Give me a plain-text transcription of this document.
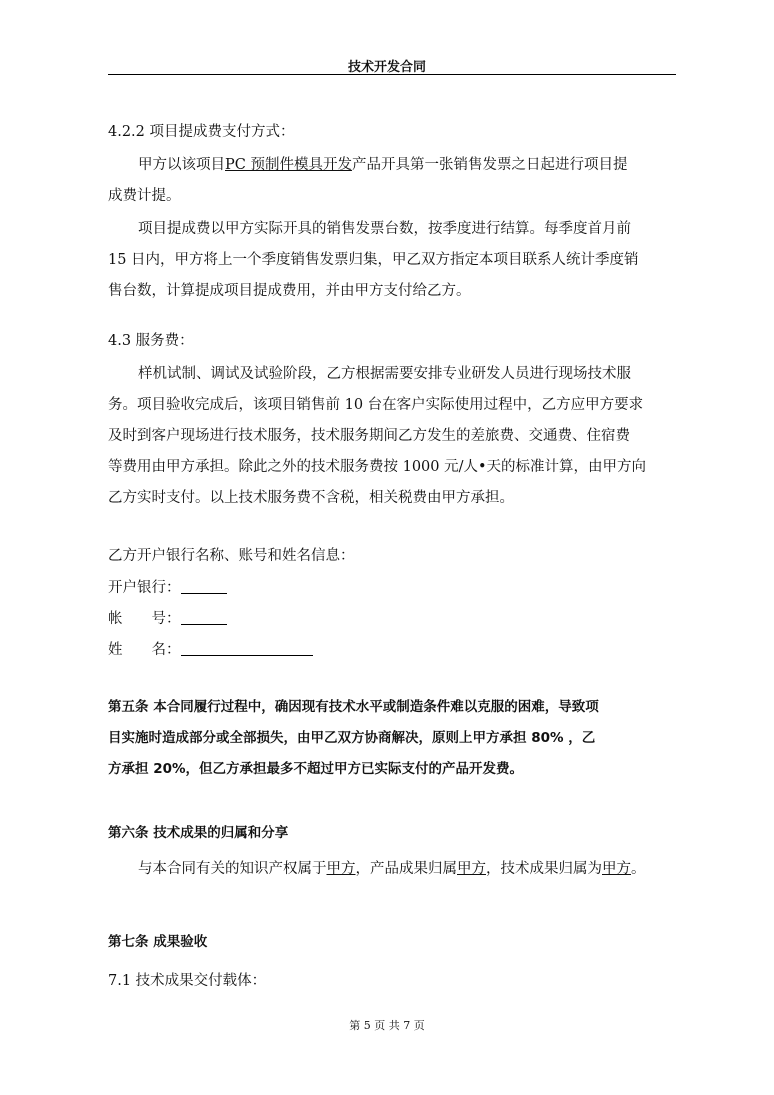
技术开发合同
4.2.2 项目提成费支付方式：
甲方以该项目PC 预制件模具开发产品开具第一张销售发票之日起进行项目提
成费计提。
项目提成费以甲方实际开具的销售发票台数，按季度进行结算。每季度首月前
15 日内，甲方将上一个季度销售发票归集，甲乙双方指定本项目联系人统计季度销
售台数，计算提成项目提成费用，并由甲方支付给乙方。
4.3 服务费：
样机试制、调试及试验阶段，乙方根据需要安排专业研发人员进行现场技术服
务。项目验收完成后，该项目销售前 10 台在客户实际使用过程中，乙方应甲方要求
及时到客户现场进行技术服务，技术服务期间乙方发生的差旅费、交通费、住宿费
等费用由甲方承担。除此之外的技术服务费按 1000 元/人•天的标准计算，由甲方向
乙方实时支付。以上技术服务费不含税，相关税费由甲方承担。
乙方开户银行名称、账号和姓名信息：
开户银行：
帐　　号：
姓　　名：
第五条 本合同履行过程中，确因现有技术水平或制造条件难以克服的困难，导致项
目实施时造成部分或全部损失，由甲乙双方协商解决，原则上甲方承担 80% ，乙
方承担 20%，但乙方承担最多不超过甲方已实际支付的产品开发费。
第六条 技术成果的归属和分享
与本合同有关的知识产权属于甲方，产品成果归属甲方，技术成果归属为甲方。
第七条 成果验收
7.1 技术成果交付载体：
第 5 页 共 7 页
